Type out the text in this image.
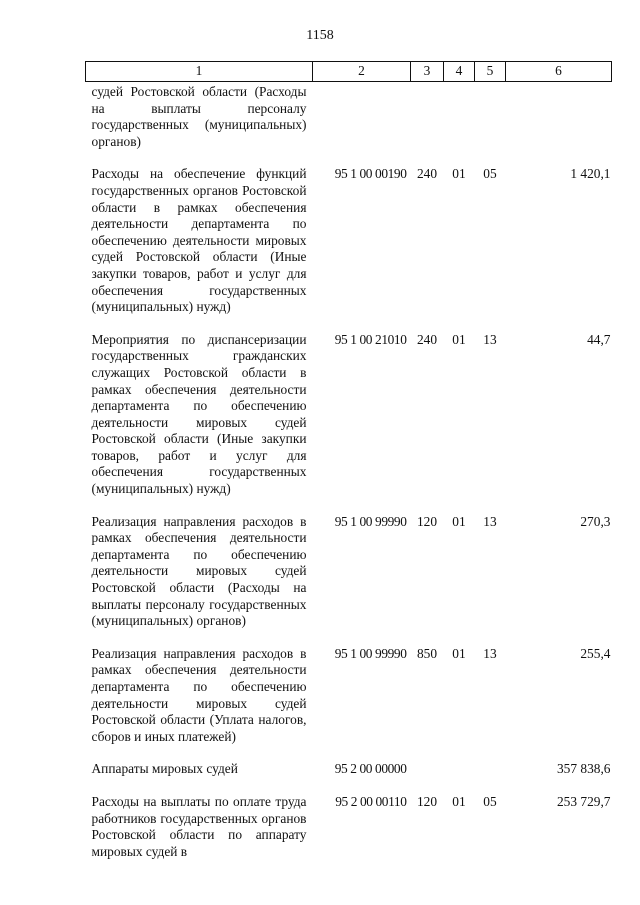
1158
1	2	3	4	5	6
судей Ростовской области (Расходы на выплаты персоналу государственных (муниципальных) органов)					
Расходы на обеспечение функций государственных органов Ростовской области в рамках обеспечения деятельности департамента по обеспечению деятельности мировых судей Ростовской области (Иные закупки товаров, работ и услуг для обеспечения государственных (муниципальных) нужд)	95 1 00 00190	240	01	05	1 420,1
Мероприятия по диспансеризации государственных гражданских служащих Ростовской области в рамках обеспечения деятельности департамента по обеспечению деятельности мировых судей Ростовской области (Иные закупки товаров, работ и услуг для обеспечения государственных (муниципальных) нужд)	95 1 00 21010	240	01	13	44,7
Реализация направления расходов в рамках обеспечения деятельности департамента по обеспечению деятельности мировых судей Ростовской области (Расходы на выплаты персоналу государственных (муниципальных) органов)	95 1 00 99990	120	01	13	270,3
Реализация направления расходов в рамках обеспечения деятельности департамента по обеспечению деятельности мировых судей Ростовской области (Уплата налогов, сборов и иных платежей)	95 1 00 99990	850	01	13	255,4
Аппараты мировых судей	95 2 00 00000				357 838,6
Расходы на выплаты по оплате труда работников государственных органов Ростовской области по аппарату мировых судей в	95 2 00 00110	120	01	05	253 729,7
